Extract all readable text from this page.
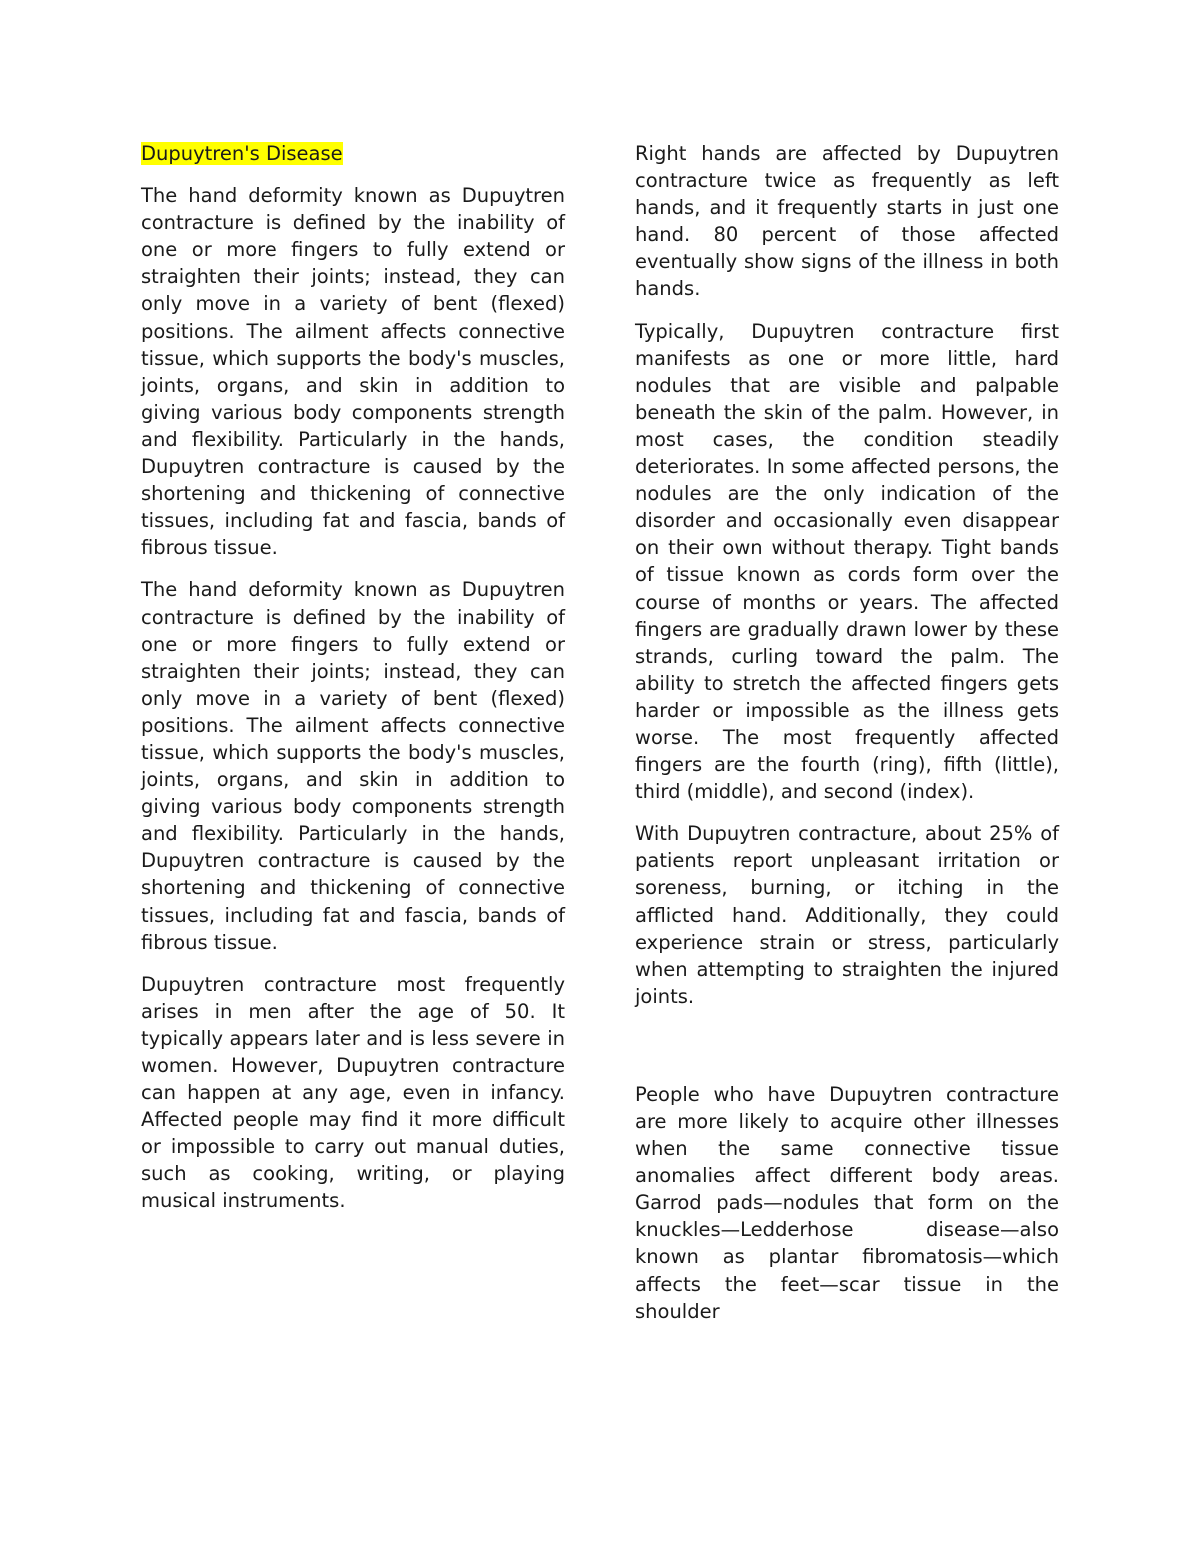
Dupuytren's Disease

The hand deformity known as Dupuytren contracture is defined by the inability of one or more fingers to fully extend or straighten their joints; instead, they can only move in a variety of bent (flexed) positions. The ailment affects connective tissue, which supports the body's muscles, joints, organs, and skin in addition to giving various body components strength and flexibility. Particularly in the hands, Dupuytren contracture is caused by the shortening and thickening of connective tissues, including fat and fascia, bands of fibrous tissue.

The hand deformity known as Dupuytren contracture is defined by the inability of one or more fingers to fully extend or straighten their joints; instead, they can only move in a variety of bent (flexed) positions. The ailment affects connective tissue, which supports the body's muscles, joints, organs, and skin in addition to giving various body components strength and flexibility. Particularly in the hands, Dupuytren contracture is caused by the shortening and thickening of connective tissues, including fat and fascia, bands of fibrous tissue.

Dupuytren contracture most frequently arises in men after the age of 50. It typically appears later and is less severe in women. However, Dupuytren contracture can happen at any age, even in infancy. Affected people may find it more difficult or impossible to carry out manual duties, such as cooking, writing, or playing musical instruments.

Right hands are affected by Dupuytren contracture twice as frequently as left hands, and it frequently starts in just one hand. 80 percent of those affected eventually show signs of the illness in both hands.

Typically, Dupuytren contracture first manifests as one or more little, hard nodules that are visible and palpable beneath the skin of the palm. However, in most cases, the condition steadily deteriorates. In some affected persons, the nodules are the only indication of the disorder and occasionally even disappear on their own without therapy. Tight bands of tissue known as cords form over the course of months or years. The affected fingers are gradually drawn lower by these strands, curling toward the palm. The ability to stretch the affected fingers gets harder or impossible as the illness gets worse. The most frequently affected fingers are the fourth (ring), fifth (little), third (middle), and second (index).

With Dupuytren contracture, about 25% of patients report unpleasant irritation or soreness, burning, or itching in the afflicted hand. Additionally, they could experience strain or stress, particularly when attempting to straighten the injured joints.

People who have Dupuytren contracture are more likely to acquire other illnesses when the same connective tissue anomalies affect different body areas. Garrod pads—nodules that form on the knuckles—Ledderhose disease—also known as plantar fibromatosis—which affects the feet—scar tissue in the shoulder
